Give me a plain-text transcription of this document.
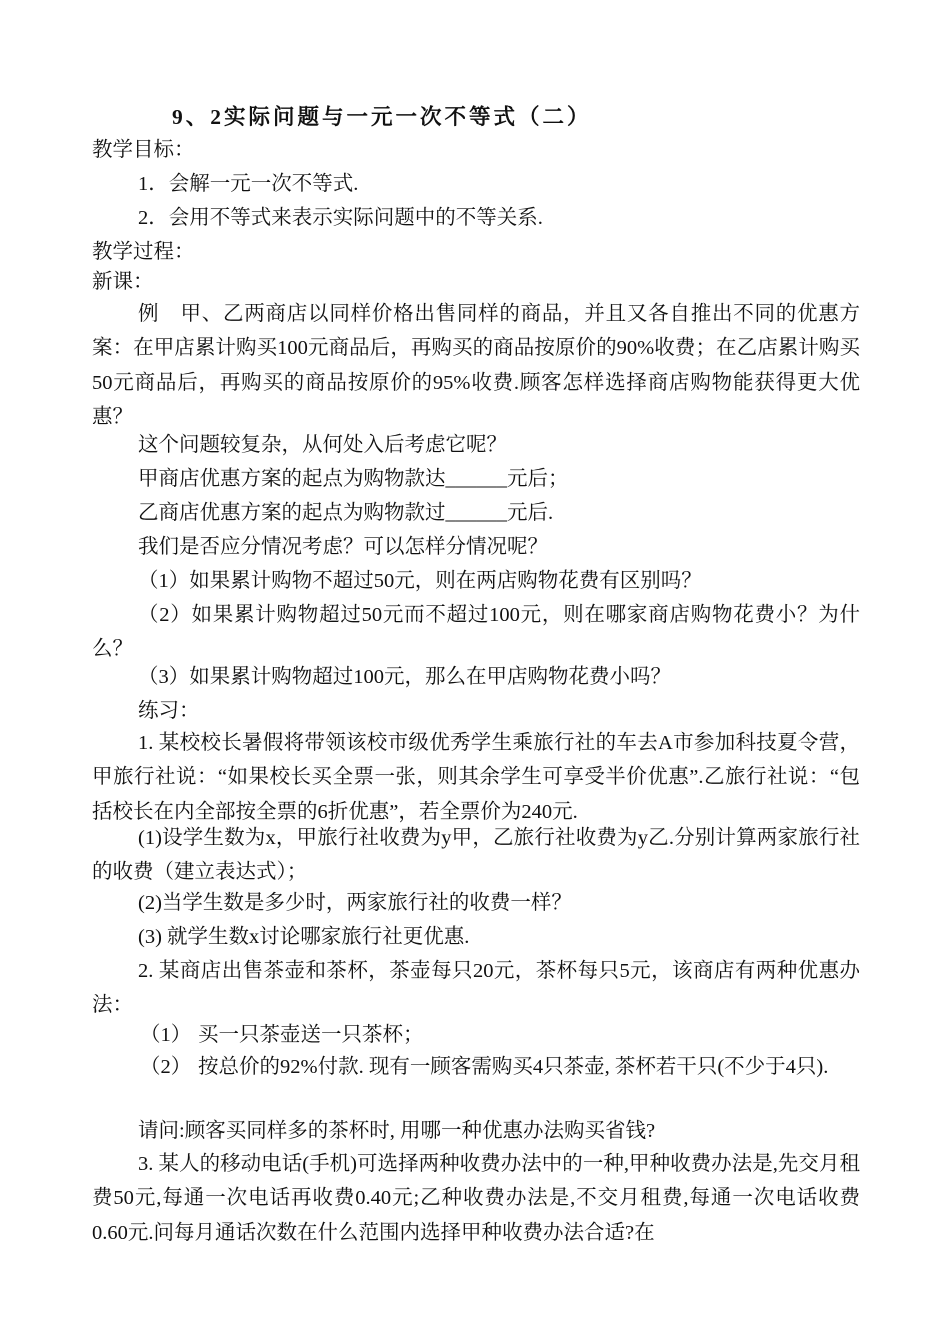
9、2实际问题与一元一次不等式（二）
教学目标：
1．会解一元一次不等式.
2．会用不等式来表示实际问题中的不等关系.
教学过程：
新课：
例　甲、乙两商店以同样价格出售同样的商品，并且又各自推出不同的优惠方案：在甲店累计购买100元商品后，再购买的商品按原价的90%收费；在乙店累计购买50元商品后，再购买的商品按原价的95%收费.顾客怎样选择商店购物能获得更大优惠？
这个问题较复杂，从何处入后考虑它呢？
甲商店优惠方案的起点为购物款达______元后；
乙商店优惠方案的起点为购物款过______元后.
我们是否应分情况考虑？可以怎样分情况呢？
（1）如果累计购物不超过50元，则在两店购物花费有区别吗？
（2）如果累计购物超过50元而不超过100元，则在哪家商店购物花费小？为什么？
（3）如果累计购物超过100元，那么在甲店购物花费小吗？
练习：
1. 某校校长暑假将带领该校市级优秀学生乘旅行社的车去A市参加科技夏令营，甲旅行社说：“如果校长买全票一张，则其余学生可享受半价优惠”.乙旅行社说：“包括校长在内全部按全票的6折优惠”，若全票价为240元.
(1)设学生数为x，甲旅行社收费为y甲，乙旅行社收费为y乙.分别计算两家旅行社的收费（建立表达式）；
(2)当学生数是多少时，两家旅行社的收费一样？
(3) 就学生数x讨论哪家旅行社更优惠.
2. 某商店出售茶壶和茶杯，茶壶每只20元，茶杯每只5元，该商店有两种优惠办法：
（1） 买一只茶壶送一只茶杯；
（2） 按总价的92%付款. 现有一顾客需购买4只茶壶, 茶杯若干只(不少于4只).
请问:顾客买同样多的茶杯时, 用哪一种优惠办法购买省钱?
3. 某人的移动电话(手机)可选择两种收费办法中的一种,甲种收费办法是,先交月租费50元,每通一次电话再收费0.40元;乙种收费办法是,不交月租费,每通一次电话收费0.60元.问每月通话次数在什么范围内选择甲种收费办法合适?在
